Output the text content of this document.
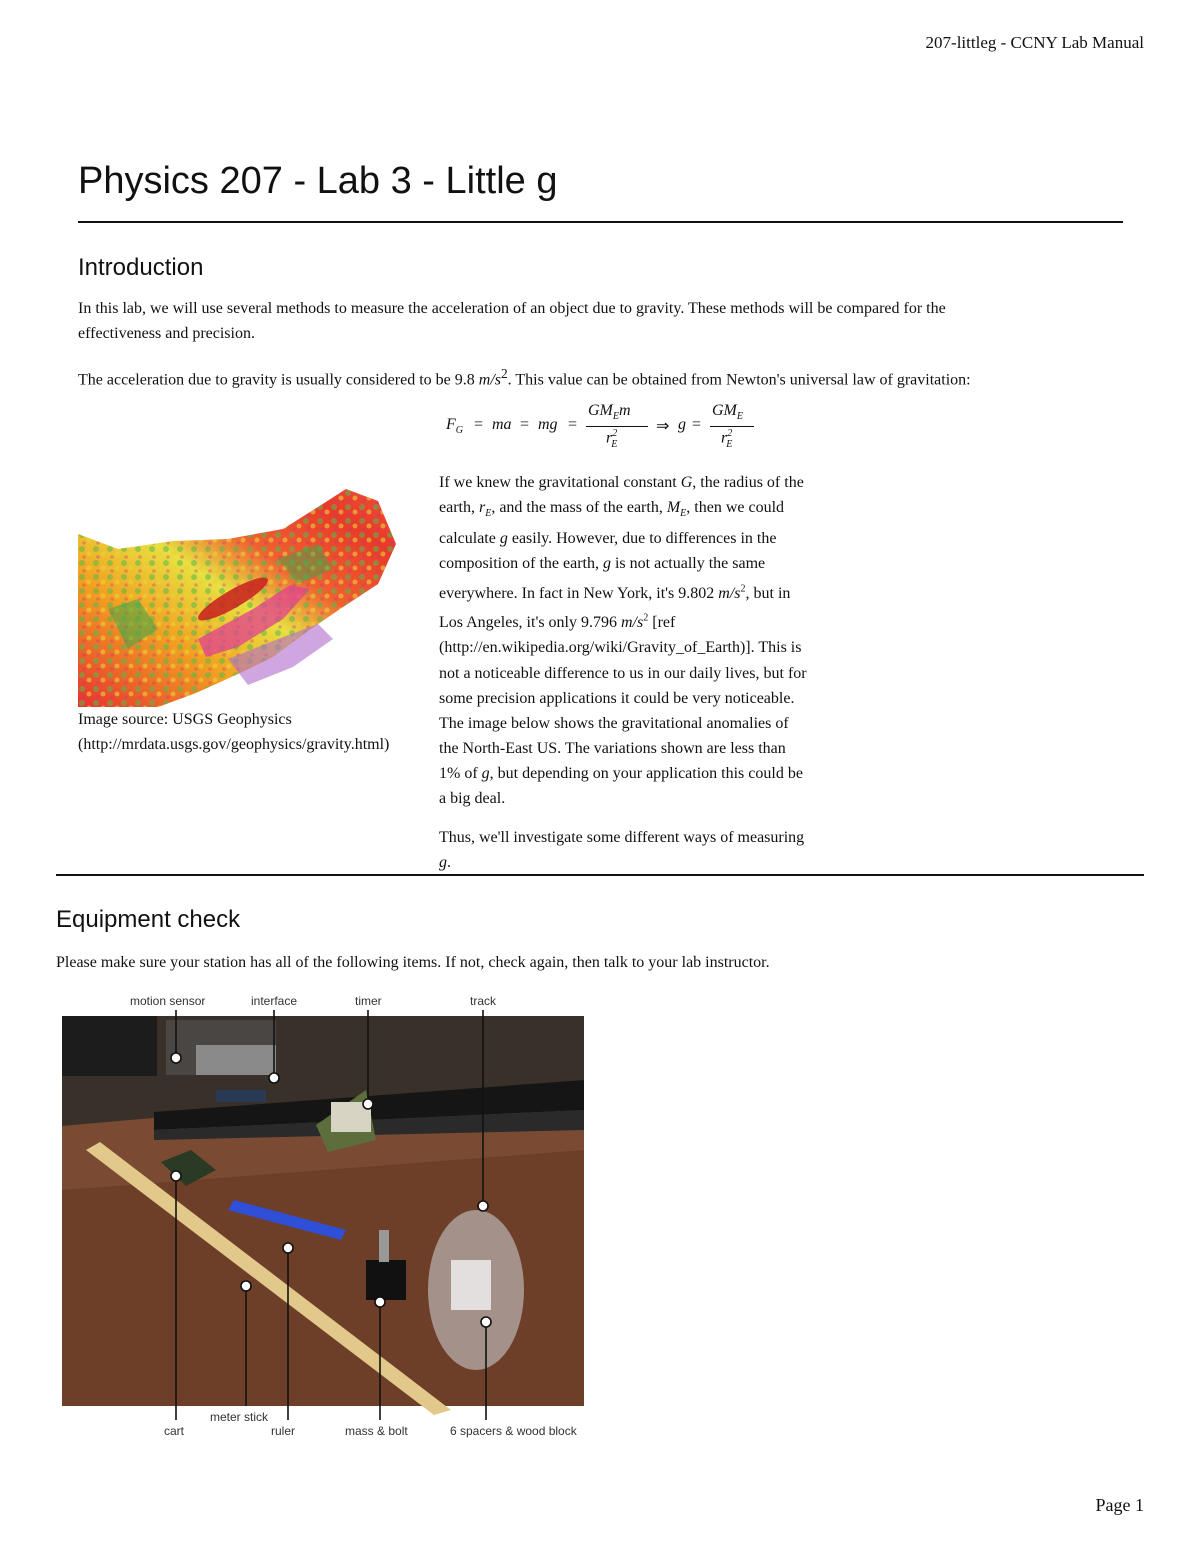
207-littleg - CCNY Lab Manual
Physics 207 - Lab 3 - Little g
Introduction

In this lab, we will use several methods to measure the acceleration of an object due to gravity. These methods will be compared for the
effectiveness and precision.

The acceleration due to gravity is usually considered to be 9.8 $m/s^2$. This value can be obtained from Newton's universal law of gravitation:

$F_G$ = ma = mg =
$GM_Em$
$r^2_E$
⇒ g =
$GM_E$
$r^2_E$

If we knew the gravitational constant G, the radius of the
earth, $r_E$, and the mass of the earth, $M_E$, then we could
calculate g easily. However, due to differences in the
composition of the earth, g is not actually the same
everywhere. In fact in New York, it's 9.802 $m/s^2$, but in
Los Angeles, it's only 9.796 $m/s^2$ [ref
(http://en.wikipedia.org/wiki/Gravity_of_Earth)]. This is
not a noticeable difference to us in our daily lives, but for
some precision applications it could be very noticeable.
The image below shows the gravitational anomalies of
the North-East US. The variations shown are less than
1% of g, but depending on your application this could be
a big deal.

Thus, we'll investigate some different ways of measuring
g.

Image source: USGS Geophysics
(http://mrdata.usgs.gov/geophysics/gravity.html)

Equipment check

Please make sure your station has all of the following items. If not, check again, then talk to your lab instructor.

motion sensor	interface	timer	track
cart
meter stick
ruler	mass & bolt	6 spacers & wood block
Page 1
